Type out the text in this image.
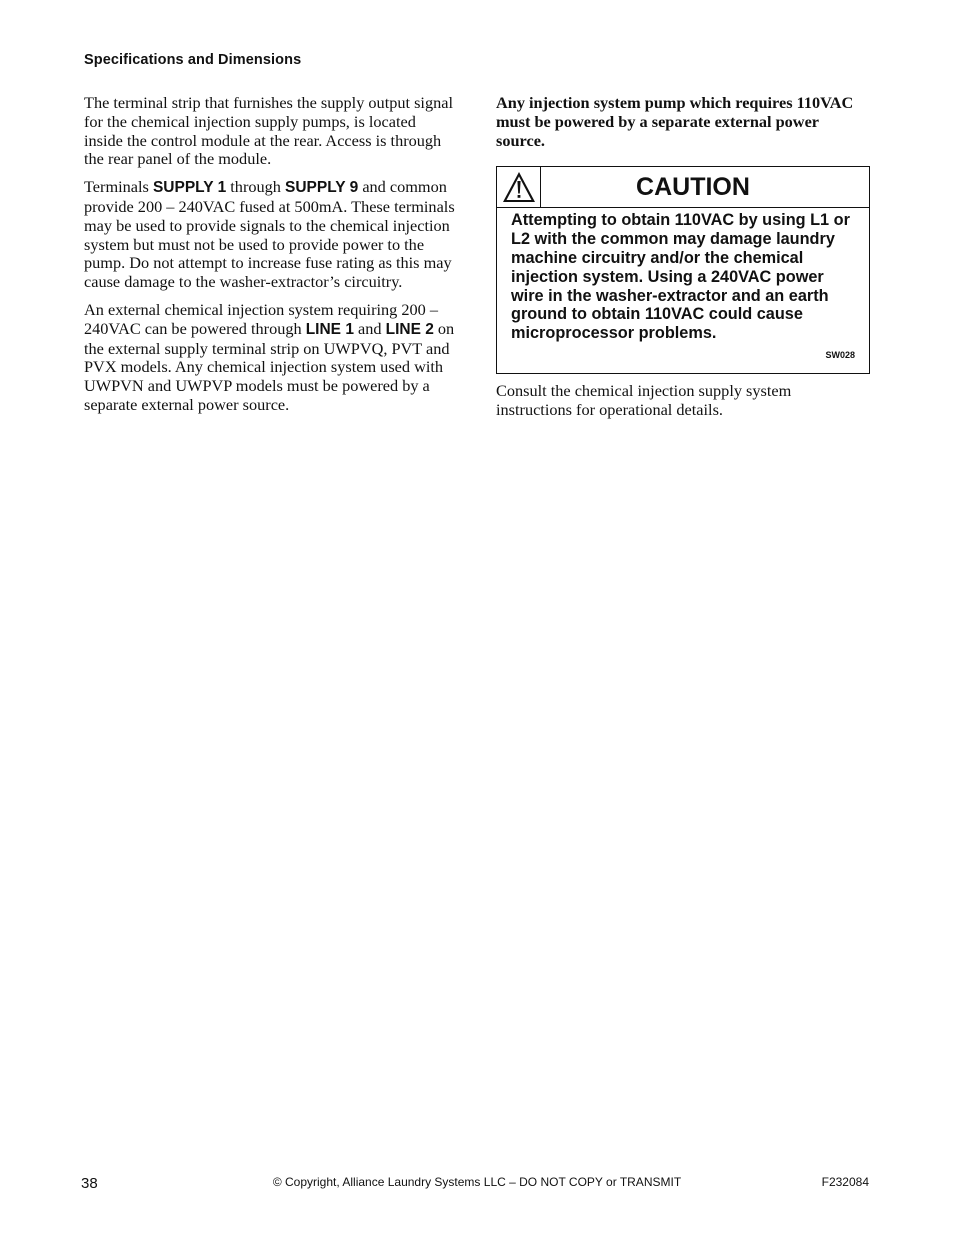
Specifications and Dimensions

The terminal strip that furnishes the supply output signal for the chemical injection supply pumps, is located inside the control module at the rear. Access is through the rear panel of the module.

Terminals SUPPLY 1 through SUPPLY 9 and common provide 200 – 240VAC fused at 500mA. These terminals may be used to provide signals to the chemical injection system but must not be used to provide power to the pump. Do not attempt to increase fuse rating as this may cause damage to the washer-extractor’s circuitry.

An external chemical injection system requiring 200 – 240VAC can be powered through LINE 1 and LINE 2 on the external supply terminal strip on UWPVQ, PVT and PVX models. Any chemical injection system used with UWPVN and UWPVP models must be powered by a separate external power source.

Any injection system pump which requires 110VAC must be powered by a separate external power source.

CAUTION
Attempting to obtain 110VAC by using L1 or L2 with the common may damage laundry machine circuitry and/or the chemical injection system. Using a 240VAC power wire in the washer-extractor and an earth ground to obtain 110VAC could cause microprocessor problems.
SW028

Consult the chemical injection supply system instructions for operational details.

38	© Copyright, Alliance Laundry Systems LLC – DO NOT COPY or TRANSMIT	F232084
